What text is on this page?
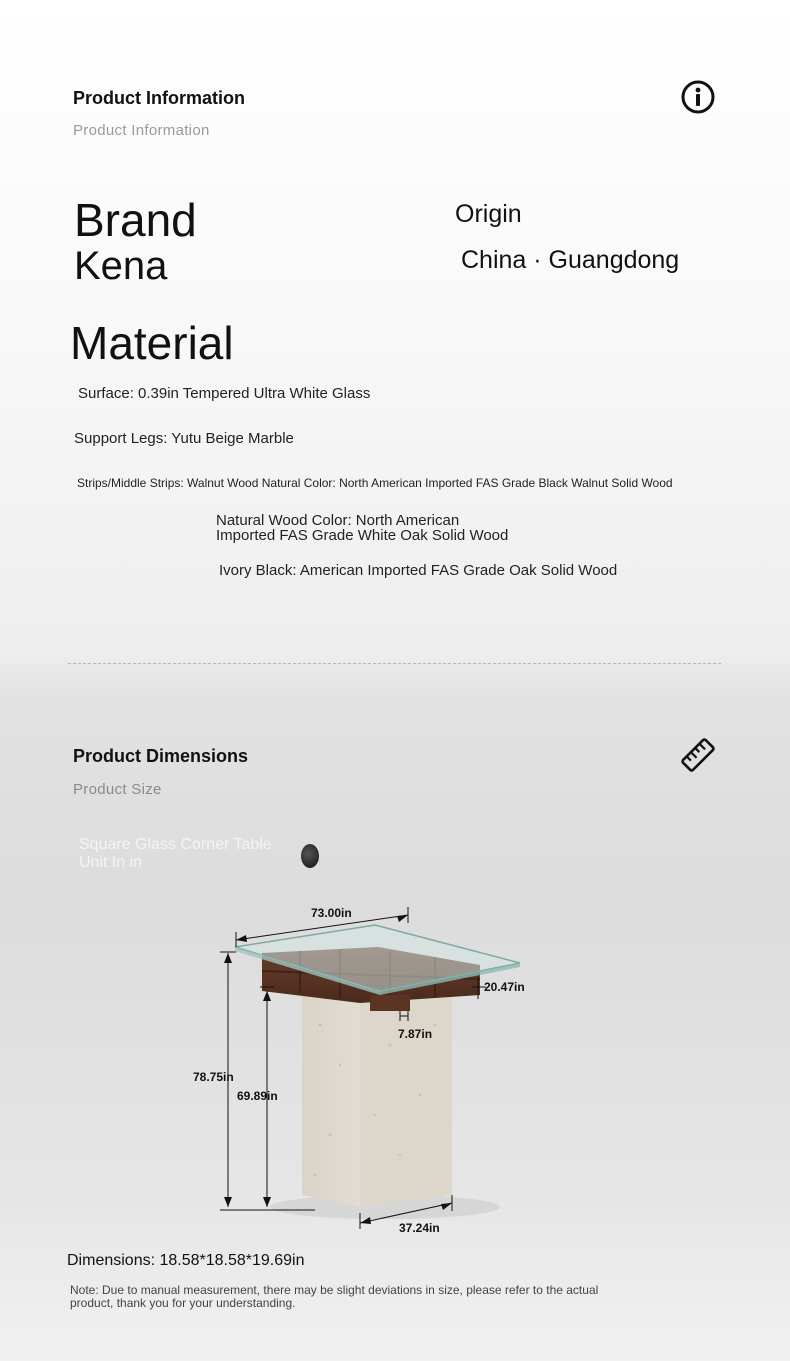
Product Information
Product Information
Brand
Kena
Origin
China · Guangdong
Material
Surface: 0.39in Tempered Ultra White Glass
Support Legs: Yutu Beige Marble
Strips/Middle Strips: Walnut Wood Natural Color: North American Imported FAS Grade Black Walnut Solid Wood
Natural Wood Color: North American
Imported FAS Grade White Oak Solid Wood
Ivory Black: American Imported FAS Grade Oak Solid Wood
Product Dimensions
Product Size
Square Glass Corner Table
Unit In in
73.00in
20.47in
7.87in
78.75in
69.89in
37.24in
Dimensions: 18.58*18.58*19.69in
Note: Due to manual measurement, there may be slight deviations in size, please refer to the actual
product, thank you for your understanding.
